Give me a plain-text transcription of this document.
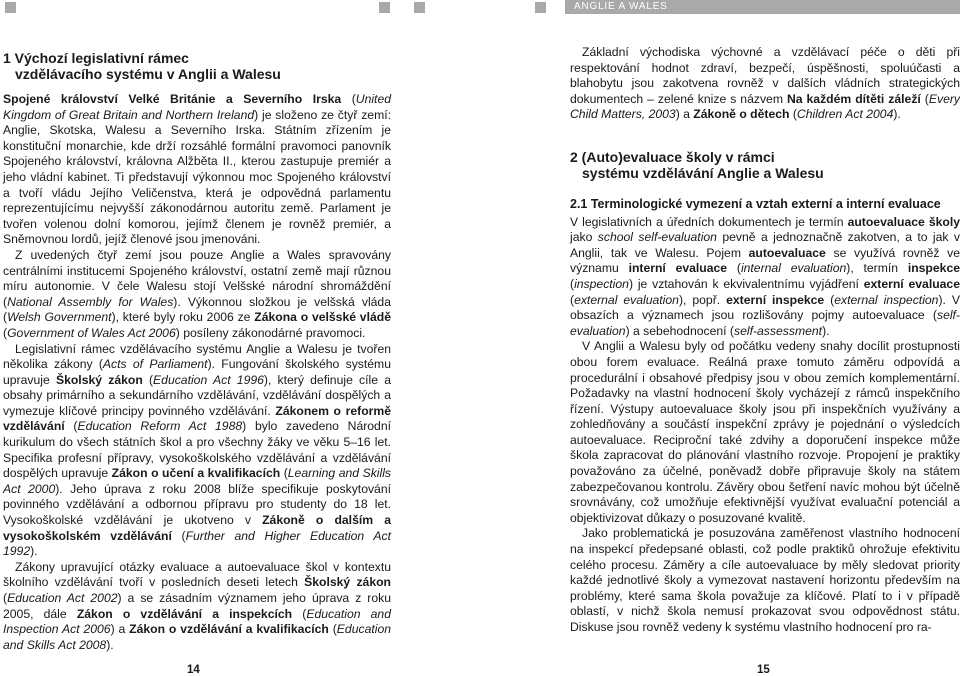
ANGLIE A WALES
1 Výchozí legislativní rámec
vzdělávacího systému v Anglii a Walesu

Spojené království Velké Británie a Severního Irska (United Kingdom of Great Britain and Northern Ireland) je složeno ze čtyř zemí: Anglie, Skotska, Walesu a Severního Irska. Státním zřízením je konstituční monarchie, kde drží rozsáhlé formální pravomoci panovník Spojeného království, královna Alžběta II., kterou zastupuje premiér a jeho vládní kabinet. Ti představují výkonnou moc Spojeného království a tvoří vládu Jejího Veličenstva, která je odpovědná parlamentu reprezentujícímu nejvyšší zákonodárnou autoritu země. Parlament je tvořen volenou dolní komorou, jejímž členem je rovněž premiér, a Sněmovnou lordů, jejíž členové jsou jmenováni.

Z uvedených čtyř zemí jsou pouze Anglie a Wales spravovány centrálními institucemi Spojeného království, ostatní země mají různou míru autonomie. V čele Walesu stojí Velšské národní shromáždění (National Assembly for Wales). Výkonnou složkou je velšská vláda (Welsh Government), které byly roku 2006 ze Zákona o velšské vládě (Government of Wales Act 2006) posíleny zákonodárné pravomoci.

Legislativní rámec vzdělávacího systému Anglie a Walesu je tvořen několika zákony (Acts of Parliament). Fungování školského systému upravuje Školský zákon (Education Act 1996), který definuje cíle a obsahy primárního a sekundárního vzdělávání, vzdělávání dospělých a vymezuje klíčové principy povinného vzdělávání. Zákonem o reformě vzdělávání (Education Reform Act 1988) bylo zavedeno Národní kurikulum do všech státních škol a pro všechny žáky ve věku 5–16 let. Specifika profesní přípravy, vysokoškolského vzdělávání a vzdělávání dospělých upravuje Zákon o učení a kvalifikacích (Learning and Skills Act 2000). Jeho úprava z roku 2008 blíže specifikuje poskytování povinného vzdělávání a odbornou přípravu pro studenty do 18 let. Vysokoškolské vzdělávání je ukotveno v Zákoně o dalším a vysokoškolském vzdělávání (Further and Higher Education Act 1992).

Zákony upravující otázky evaluace a autoevaluace škol v kontextu školního vzdělávání tvoří v posledních deseti letech Školský zákon (Education Act 2002) a se zásadním významem jeho úprava z roku 2005, dále Zákon o vzdělávání a inspekcích (Education and Inspection Act 2006) a Zákon o vzdělávání a kvalifikacích (Education and Skills Act 2008).

Základní východiska výchovné a vzdělávací péče o děti při respektování hodnot zdraví, bezpečí, úspěšnosti, spoluúčasti a blahobytu jsou zakotvena rovněž v dalších vládních strategických dokumentech – zelené knize s názvem Na každém dítěti záleží (Every Child Matters, 2003) a Zákoně o dětech (Children Act 2004).

2 (Auto)evaluace školy v rámci
systému vzdělávání Anglie a Walesu
2.1 Terminologické vymezení a vztah externí a interní evaluace

V legislativních a úředních dokumentech je termín autoevaluace školy jako school self-evaluation pevně a jednoznačně zakotven, a to jak v Anglii, tak ve Walesu. Pojem autoevaluace se využívá rovněž ve významu interní evaluace (internal evaluation), termín inspekce (inspection) je vztahován k ekvivalentnímu vyjádření externí evaluace (external evaluation), popř. externí inspekce (external inspection). V obsazích a významech jsou rozlišovány pojmy autoevaluace (self-evaluation) a sebehodnocení (self-assessment).

V Anglii a Walesu byly od počátku vedeny snahy docílit prostupnosti obou forem evaluace. Reálná praxe tomuto záměru odpovídá a procedurální i obsahové předpisy jsou v obou zemích komplementární. Požadavky na vlastní hodnocení školy vycházejí z rámců inspekčního řízení. Výstupy autoevaluace školy jsou při inspekčních využívány a zohledňovány a součástí inspekční zprávy je pojednání o výsledcích autoevaluace. Reciproční také zdvihy a doporučení inspekce může škola zapracovat do plánování vlastního rozvoje. Propojení je praktiky považováno za účelné, poněvadž dobře připravuje školy na státem zabezpečovanou kontrolu. Závěry obou šetření navíc mohou být účelně srovnávány, což umožňuje efektivnější využívat evaluační potenciál a objektivizovat důkazy o posuzované kvalitě.

Jako problematická je posuzována zaměřenost vlastního hodnocení na inspekcí předepsané oblasti, což podle praktiků ohrožuje efektivitu celého procesu. Záměry a cíle autoevaluace by měly sledovat priority každé jednotlivé školy a vymezovat nastavení horizontu především na problémy, které sama škola považuje za klíčové. Platí to i v případě oblastí, v nichž škola nemusí prokazovat svou odpovědnost státu. Diskuse jsou rovněž vedeny k systému vlastního hodnocení pro ra-

14	15
